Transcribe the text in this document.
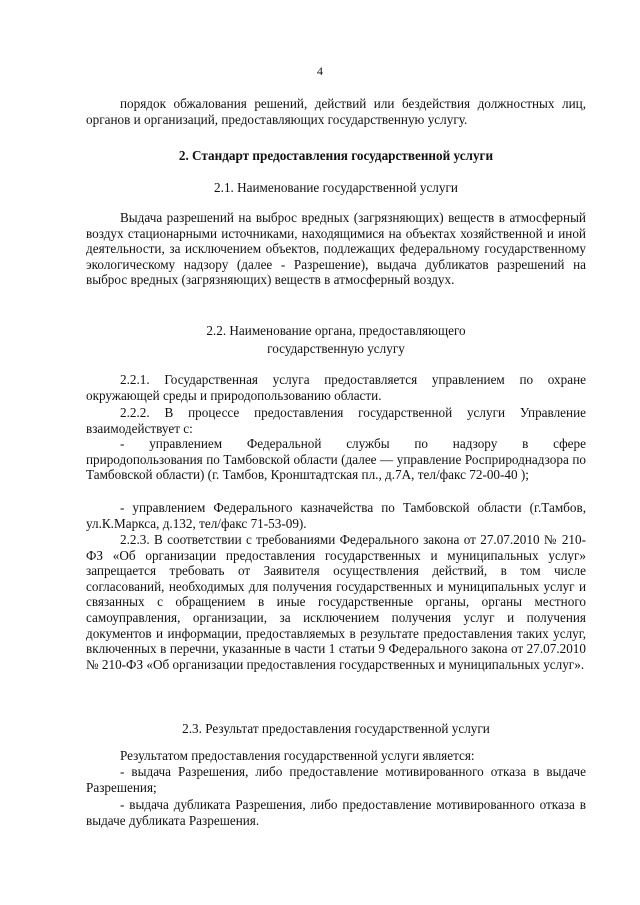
4

порядок обжалования решений, действий или бездействия должностных лиц, органов и организаций, предоставляющих государственную услугу.

2. Стандарт предоставления государственной услуги
2.1. Наименование государственной услуги

Выдача разрешений на выброс вредных (загрязняющих) веществ в атмосферный воздух стационарными источниками, находящимися на объектах хозяйственной и иной деятельности, за исключением объектов, подлежащих федеральному государственному экологическому надзору (далее - Разрешение), выдача дубликатов разрешений на выброс вредных (загрязняющих) веществ в атмосферный воздух.

2.2. Наименование органа, предоставляющего
государственную услугу

2.2.1. Государственная услуга предоставляется управлением по охране окружающей среды и природопользованию области.

2.2.2. В процессе предоставления государственной услуги Управление взаимодействует с:

- управлением Федеральной службы по надзору в сфере

природопользования по Тамбовской области (далее — управление Росприроднадзора по Тамбовской области) (г. Тамбов, Кронштадтская пл., д.7А, тел/факс 72-00-40 );

- управлением Федерального казначейства по Тамбовской области (г.Тамбов, ул.К.Маркса, д.132, тел/факс 71-53-09).

2.2.3. В соответствии с требованиями Федерального закона от 27.07.2010 № 210-ФЗ «Об организации предоставления государственных и муниципальных услуг» запрещается требовать от Заявителя осуществления действий, в том числе согласований, необходимых для получения государственных и муниципальных услуг и связанных с обращением в иные государственные органы, органы местного самоуправления, организации, за исключением получения услуг и получения документов и информации, предоставляемых в результате предоставления таких услуг, включенных в перечни, указанные в части 1 статьи 9 Федерального закона от 27.07.2010 № 210-ФЗ «Об организации предоставления государственных и муниципальных услуг».

2.3. Результат предоставления государственной услуги

Результатом предоставления государственной услуги является:

- выдача Разрешения, либо предоставление мотивированного отказа в выдаче Разрешения;

- выдача дубликата Разрешения, либо предоставление мотивированного отказа в выдаче дубликата Разрешения.
